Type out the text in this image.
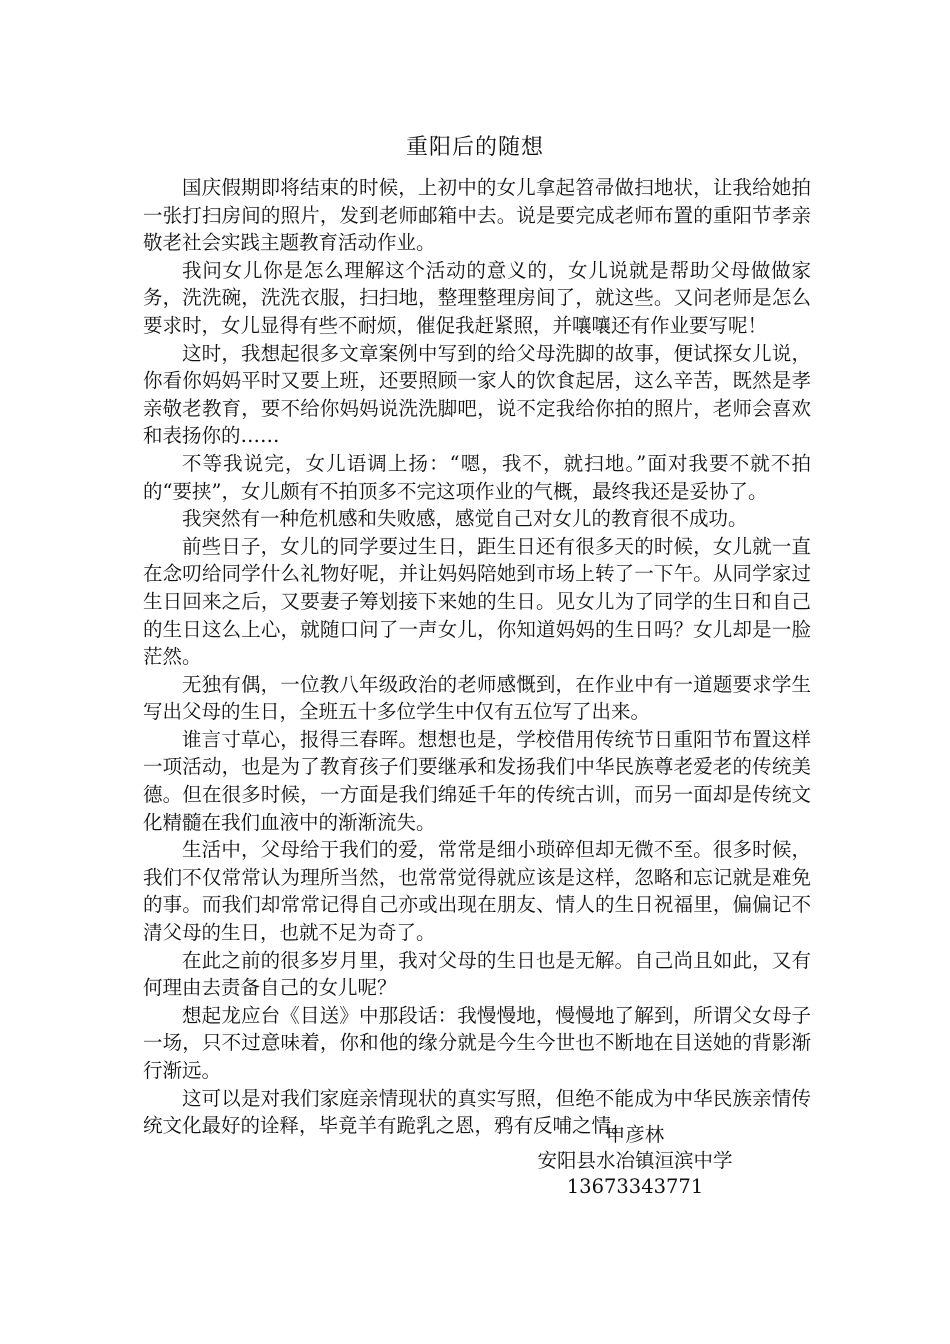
重阳后的随想

国庆假期即将结束的时候，上初中的女儿拿起笤帚做扫地状，让我给她拍一张打扫房间的照片，发到老师邮箱中去。说是要完成老师布置的重阳节孝亲敬老社会实践主题教育活动作业。

我问女儿你是怎么理解这个活动的意义的，女儿说就是帮助父母做做家务，洗洗碗，洗洗衣服，扫扫地，整理整理房间了，就这些。又问老师是怎么要求时，女儿显得有些不耐烦，催促我赶紧照，并嚷嚷还有作业要写呢！

这时，我想起很多文章案例中写到的给父母洗脚的故事，便试探女儿说，你看你妈妈平时又要上班，还要照顾一家人的饮食起居，这么辛苦，既然是孝亲敬老教育，要不给你妈妈说洗洗脚吧，说不定我给你拍的照片，老师会喜欢和表扬你的……

不等我说完，女儿语调上扬：“嗯，我不，就扫地。”面对我要不就不拍的“要挟”，女儿颇有不拍顶多不完这项作业的气概，最终我还是妥协了。

我突然有一种危机感和失败感，感觉自己对女儿的教育很不成功。

前些日子，女儿的同学要过生日，距生日还有很多天的时候，女儿就一直在念叨给同学什么礼物好呢，并让妈妈陪她到市场上转了一下午。从同学家过生日回来之后，又要妻子筹划接下来她的生日。见女儿为了同学的生日和自己的生日这么上心，就随口问了一声女儿，你知道妈妈的生日吗？女儿却是一脸茫然。

无独有偶，一位教八年级政治的老师感慨到，在作业中有一道题要求学生写出父母的生日，全班五十多位学生中仅有五位写了出来。

谁言寸草心，报得三春晖。想想也是，学校借用传统节日重阳节布置这样一项活动，也是为了教育孩子们要继承和发扬我们中华民族尊老爱老的传统美德。但在很多时候，一方面是我们绵延千年的传统古训，而另一面却是传统文化精髓在我们血液中的渐渐流失。

生活中，父母给于我们的爱，常常是细小琐碎但却无微不至。很多时候，我们不仅常常认为理所当然，也常常觉得就应该是这样，忽略和忘记就是难免的事。而我们却常常记得自己亦或出现在朋友、情人的生日祝福里，偏偏记不清父母的生日，也就不足为奇了。

在此之前的很多岁月里，我对父母的生日也是无解。自己尚且如此，又有何理由去责备自己的女儿呢？

想起龙应台《目送》中那段话：我慢慢地，慢慢地了解到，所谓父女母子一场，只不过意味着，你和他的缘分就是今生今世也不断地在目送她的背影渐行渐远。

这可以是对我们家庭亲情现状的真实写照，但绝不能成为中华民族亲情传统文化最好的诠释，毕竟羊有跪乳之恩，鸦有反哺之情。

申彦林
安阳县水冶镇洹滨中学
13673343771
